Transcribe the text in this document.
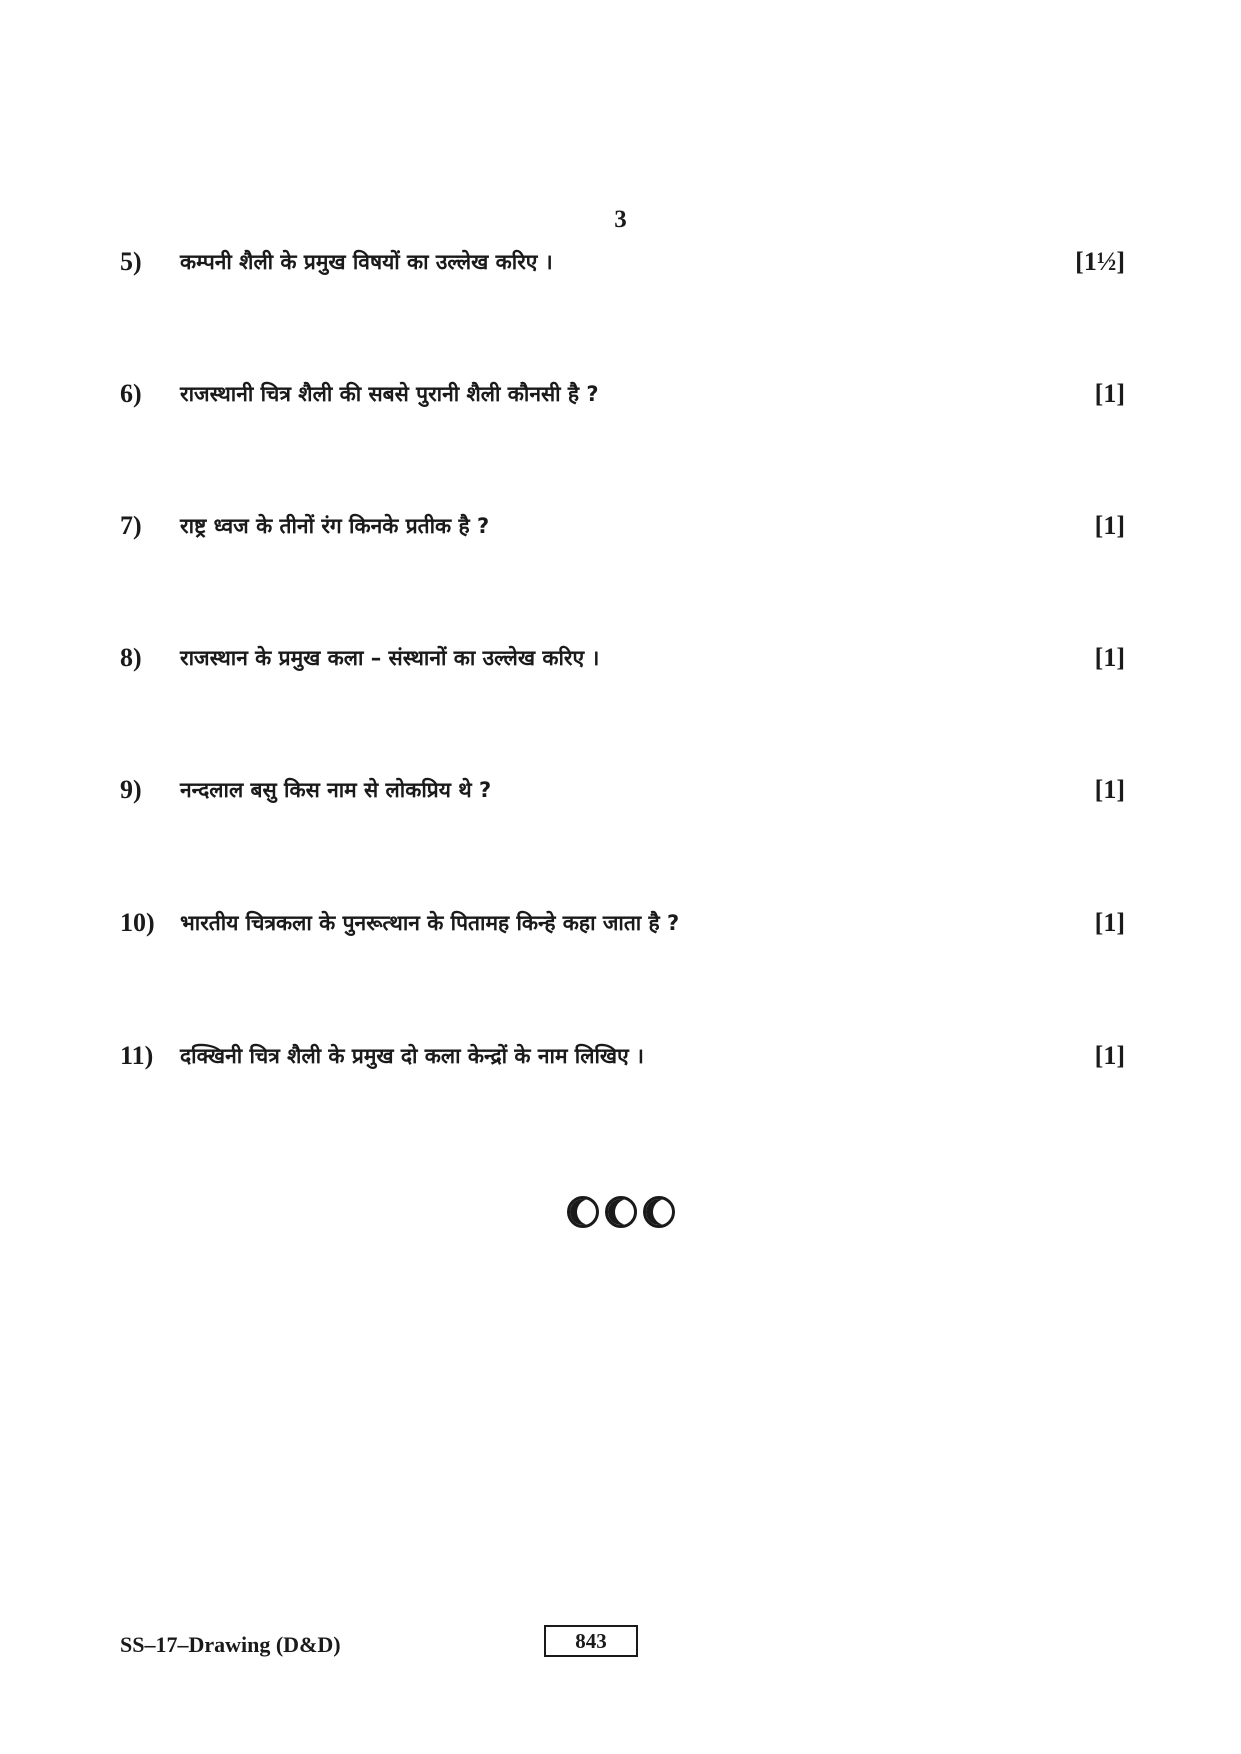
3
5) कम्पनी शैली के प्रमुख विषयों का उल्लेख करिए ।	[1½]
6) राजस्थानी चित्र शैली की सबसे पुरानी शैली कौनसी है ?	[1]
7) राष्ट्र ध्वज के तीनों रंग किनके प्रतीक है ?	[1]
8) राजस्थान के प्रमुख कला – संस्थानों का उल्लेख करिए ।	[1]
9) नन्दलाल बसु किस नाम से लोकप्रिय थे ?	[1]
10) भारतीय चित्रकला के पुनरूत्थान के पितामह किन्हे कहा जाता है ?	[1]
11) दक्खिनी चित्र शैली के प्रमुख दो कला केन्द्रों के नाम लिखिए ।	[1]
SS–17–Drawing (D&D)	843
